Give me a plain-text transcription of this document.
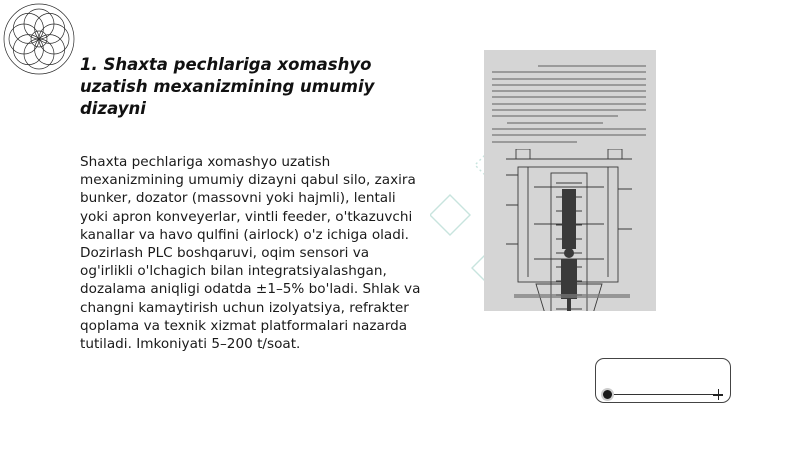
1. Shaxta pechlariga xomashyo uzatish mexanizmining umumiy dizayni

Shaxta pechlariga xomashyo uzatish mexanizmining umumiy dizayni qabul silo, zaxira bunker, dozator (massovni yoki hajmli), lentali yoki apron konveyerlar, vintli feeder, o'tkazuvchi kanallar va havo qulfini (airlock) o'z ichiga oladi. Dozirlash PLC boshqaruvi, oqim sensori va og'irlikli o'lchagich bilan integratsiyalashgan, dozalama aniqligi odatda ±1–5% bo'ladi. Shlak va changni kamaytirish uchun izolyatsiya, refrakter qoplama va texnik xizmat platformalari nazarda tutiladi. Imkoniyati 5–200 t/soat.
